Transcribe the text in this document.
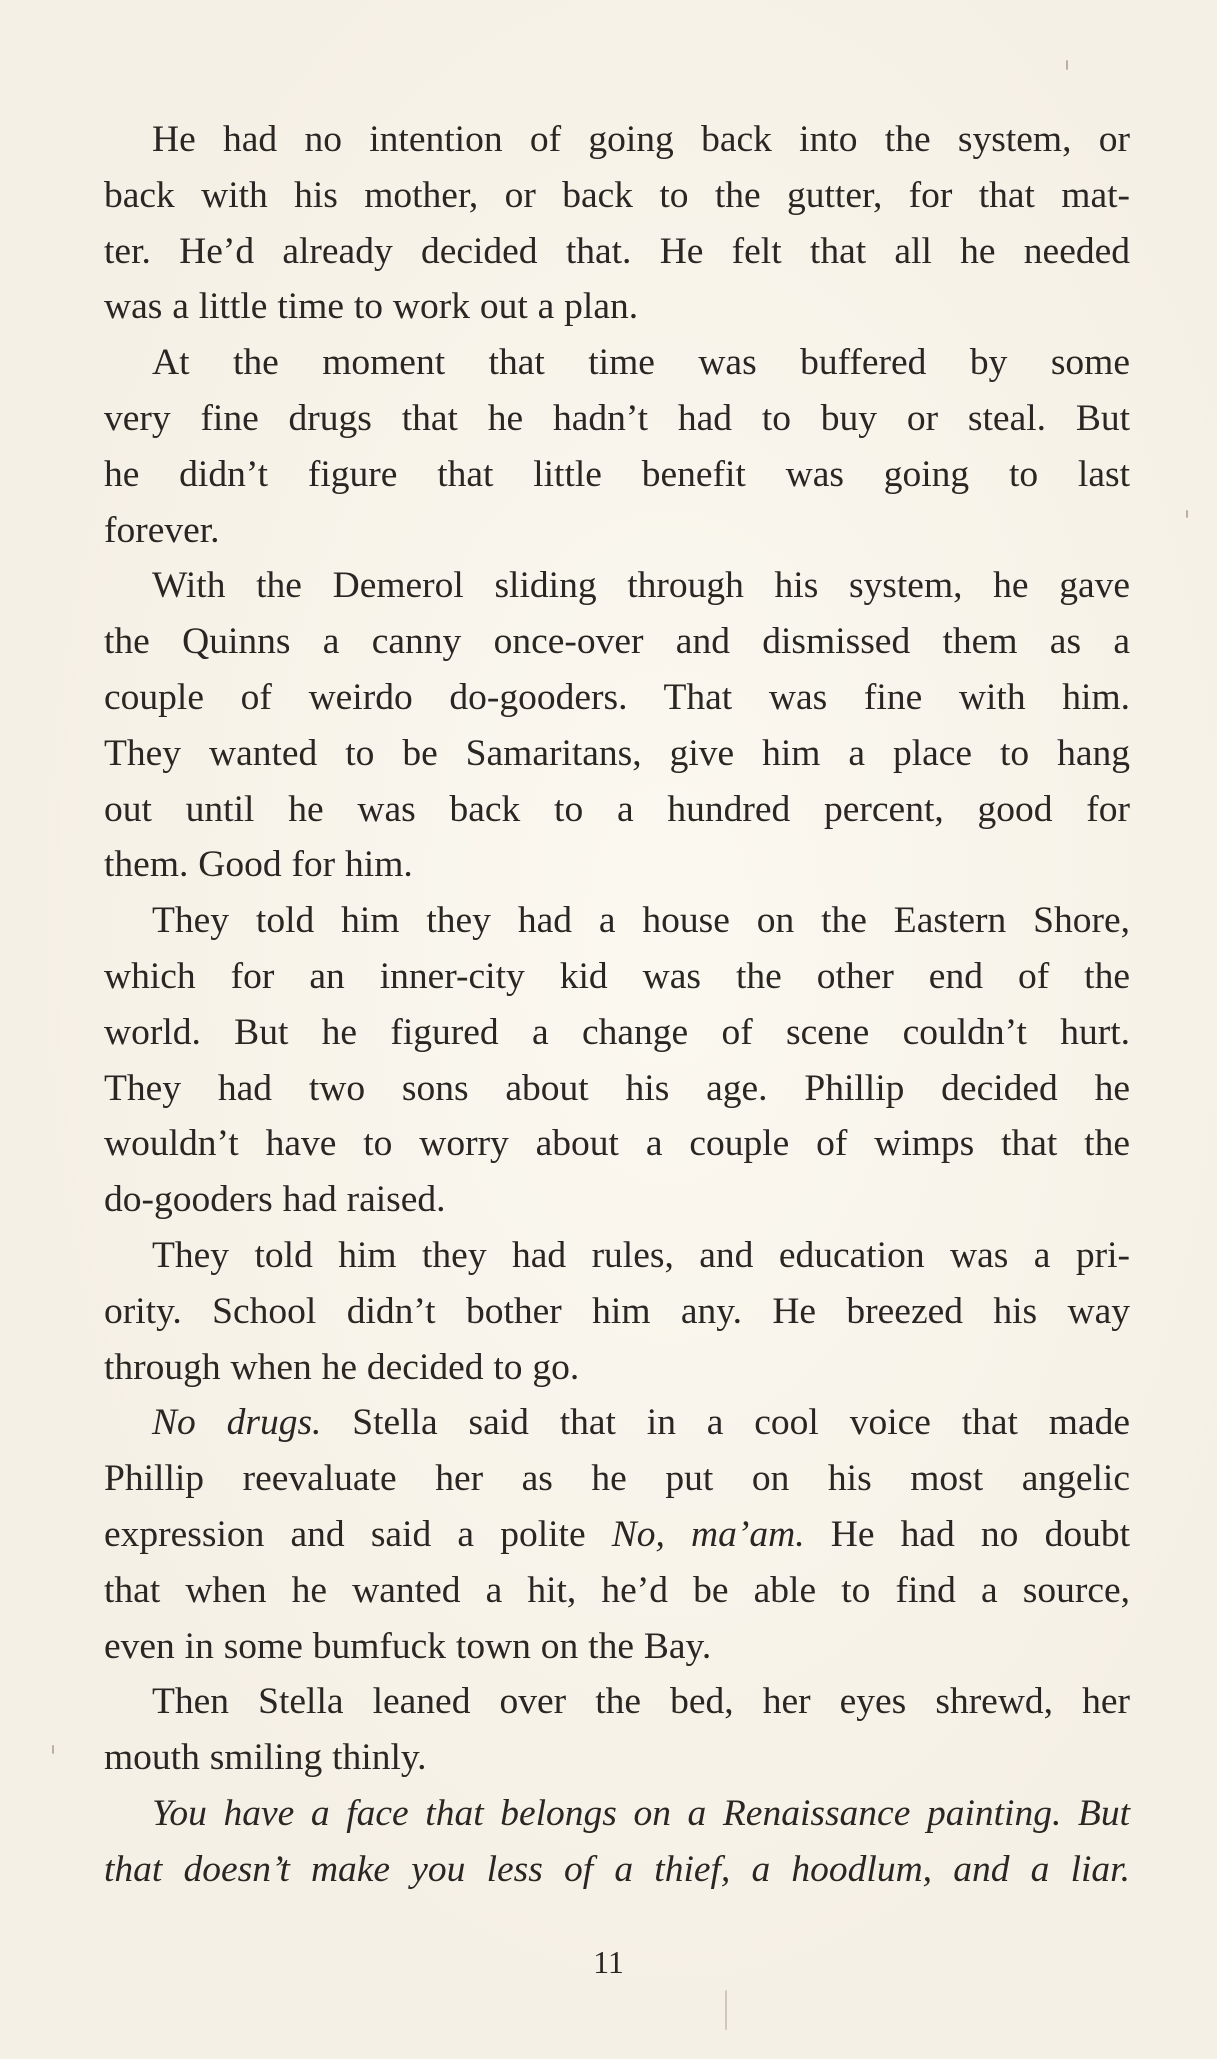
He had no intention of going back into the system, or

back with his mother, or back to the gutter, for that mat-
ter. He’d already decided that. He felt that all he needed
was a little time to work out a plan.

At the moment that time was buffered by some

very fine drugs that he hadn’t had to buy or steal. But
he didn’t figure that little benefit was going to last
forever.

With the Demerol sliding through his system, he gave

the Quinns a canny once-over and dismissed them as a
couple of weirdo do-gooders. That was fine with him.
They wanted to be Samaritans, give him a place to hang
out until he was back to a hundred percent, good for
them. Good for him.

They told him they had a house on the Eastern Shore,

which for an inner-city kid was the other end of the
world. But he figured a change of scene couldn’t hurt.
They had two sons about his age. Phillip decided he
wouldn’t have to worry about a couple of wimps that the
do-gooders had raised.

They told him they had rules, and education was a pri-

ority. School didn’t bother him any. He breezed his way
through when he decided to go.

No drugs. Stella said that in a cool voice that made

Phillip reevaluate her as he put on his most angelic
expression and said a polite No, ma’am. He had no doubt
that when he wanted a hit, he’d be able to find a source,
even in some bumfuck town on the Bay.

Then Stella leaned over the bed, her eyes shrewd, her

mouth smiling thinly.

You have a face that belongs on a Renaissance painting. But

that doesn’t make you less of a thief, a hoodlum, and a liar.
11
